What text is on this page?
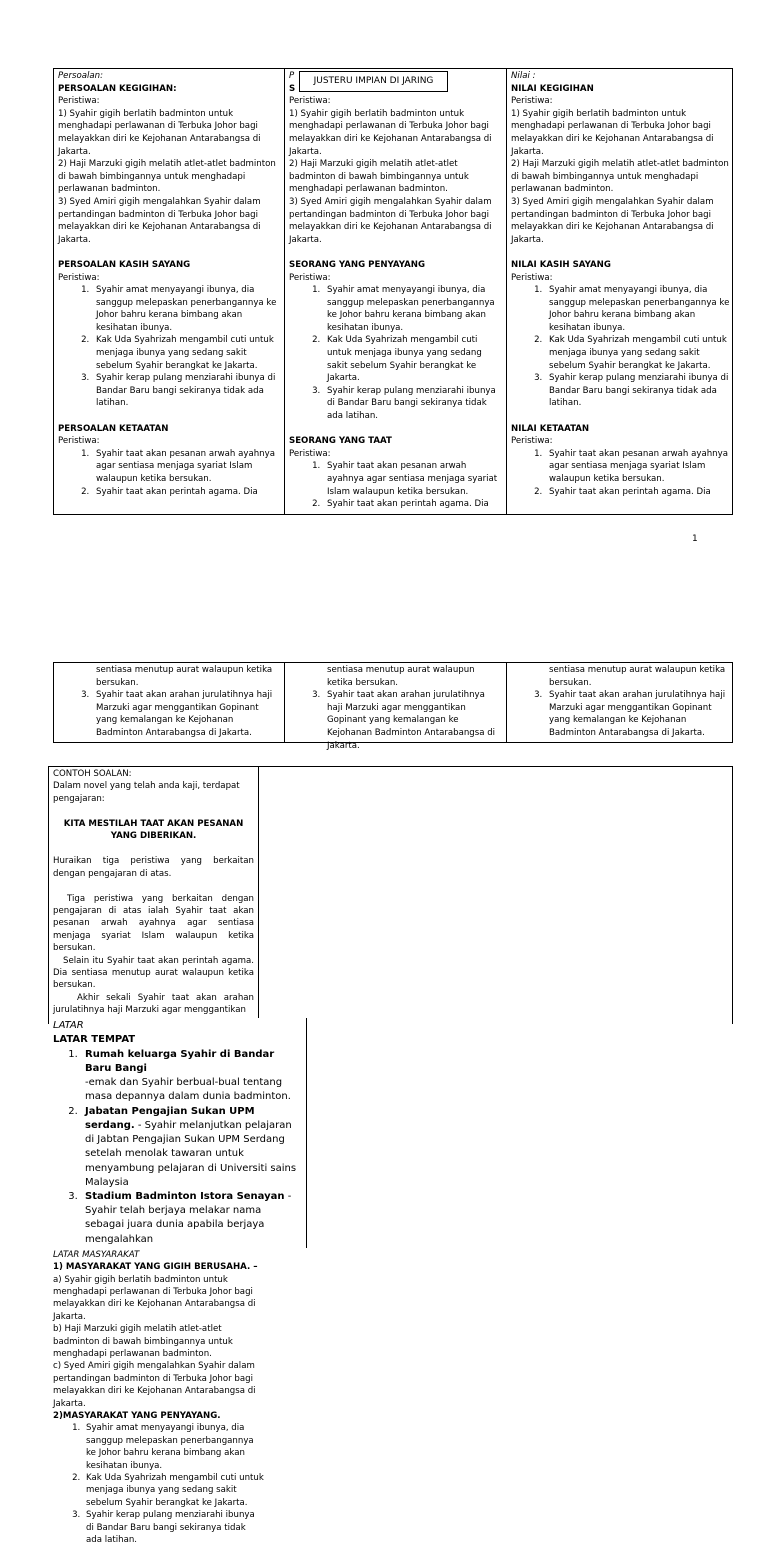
Persoalan:
PERSOALAN KEGIGIHAN:
Peristiwa:
1) Syahir gigih berlatih badminton untuk menghadapi perlawanan di Terbuka Johor bagi melayakkan diri ke Kejohanan Antarabangsa di Jakarta.
2) Haji Marzuki gigih melatih atlet-atlet badminton di bawah bimbingannya untuk menghadapi perlawanan badminton.
3) Syed Amiri gigih mengalahkan Syahir dalam pertandingan badminton di Terbuka Johor bagi melayakkan diri ke Kejohanan Antarabangsa di Jakarta.
PERSOALAN KASIH SAYANG
Peristiwa:
1. Syahir amat menyayangi ibunya, dia sanggup melepaskan penerbangannya ke Johor bahru kerana bimbang akan kesihatan ibunya.
2. Kak Uda Syahrizah mengambil cuti untuk menjaga ibunya yang sedang sakit sebelum Syahir berangkat ke Jakarta.
3. Syahir kerap pulang menziarahi ibunya di Bandar Baru bangi sekiranya tidak ada latihan.
PERSOALAN KETAATAN
Peristiwa:
1. Syahir taat akan pesanan arwah ayahnya agar sentiasa menjaga syariat Islam walaupun ketika bersukan.
2. Syahir taat akan perintah agama. Dia
P
S
Peristiwa:
1) Syahir gigih berlatih badminton untuk menghadapi perlawanan di Terbuka Johor bagi melayakkan diri ke Kejohanan Antarabangsa di Jakarta.
2) Haji Marzuki gigih melatih atlet-atlet badminton di bawah bimbingannya untuk menghadapi perlawanan badminton.
3) Syed Amiri gigih mengalahkan Syahir dalam pertandingan badminton di Terbuka Johor bagi melayakkan diri ke Kejohanan Antarabangsa di Jakarta.
SEORANG YANG PENYAYANG
Peristiwa:
1. Syahir amat menyayangi ibunya, dia sanggup melepaskan penerbangannya ke Johor bahru kerana bimbang akan kesihatan ibunya.
2. Kak Uda Syahrizah mengambil cuti untuk menjaga ibunya yang sedang sakit sebelum Syahir berangkat ke Jakarta.
3. Syahir kerap pulang menziarahi ibunya di Bandar Baru bangi sekiranya tidak ada latihan.
SEORANG YANG TAAT
Peristiwa:
1. Syahir taat akan pesanan arwah ayahnya agar sentiasa menjaga syariat Islam walaupun ketika bersukan.
2. Syahir taat akan perintah agama. Dia
Nilai :
NILAI KEGIGIHAN
Peristiwa:
1) Syahir gigih berlatih badminton untuk menghadapi perlawanan di Terbuka Johor bagi melayakkan diri ke Kejohanan Antarabangsa di Jakarta.
2) Haji Marzuki gigih melatih atlet-atlet badminton di bawah bimbingannya untuk menghadapi perlawanan badminton.
3) Syed Amiri gigih mengalahkan Syahir dalam pertandingan badminton di Terbuka Johor bagi melayakkan diri ke Kejohanan Antarabangsa di Jakarta.
NILAI KASIH SAYANG
Peristiwa:
1. Syahir amat menyayangi ibunya, dia sanggup melepaskan penerbangannya ke Johor bahru kerana bimbang akan kesihatan ibunya.
2. Kak Uda Syahrizah mengambil cuti untuk menjaga ibunya yang sedang sakit sebelum Syahir berangkat ke Jakarta.
3. Syahir kerap pulang menziarahi ibunya di Bandar Baru bangi sekiranya tidak ada latihan.
NILAI KETAATAN
Peristiwa:
1. Syahir taat akan pesanan arwah ayahnya agar sentiasa menjaga syariat Islam walaupun ketika bersukan.
2. Syahir taat akan perintah agama. Dia
JUSTERU IMPIAN DI JARING
1
sentiasa menutup aurat walaupun ketika bersukan.
3. Syahir taat akan arahan jurulatihnya haji Marzuki agar menggantikan Gopinant yang kemalangan ke Kejohanan Badminton Antarabangsa di Jakarta.
sentiasa menutup aurat walaupun ketika bersukan.
3. Syahir taat akan arahan jurulatihnya haji Marzuki agar menggantikan Gopinant yang kemalangan ke Kejohanan Badminton Antarabangsa di Jakarta.
sentiasa menutup aurat walaupun ketika bersukan.
3. Syahir taat akan arahan jurulatihnya haji Marzuki agar menggantikan Gopinant yang kemalangan ke Kejohanan Badminton Antarabangsa di Jakarta.
CONTOH SOALAN:
Dalam novel yang telah anda kaji, terdapat pengajaran:
KITA MESTILAH TAAT AKAN PESANAN YANG DIBERIKAN.
Huraikan tiga peristiwa yang berkaitan dengan pengajaran di atas.
Tiga peristiwa yang berkaitan dengan pengajaran di atas ialah Syahir taat akan pesanan arwah ayahnya agar sentiasa menjaga syariat Islam walaupun ketika bersukan.
Selain itu Syahir taat akan perintah agama. Dia sentiasa menutup aurat walaupun ketika bersukan.
Akhir sekali Syahir taat akan arahan jurulatihnya haji Marzuki agar menggantikan
LATAR
LATAR TEMPAT
1. Rumah keluarga Syahir di Bandar Baru Bangi
-emak dan Syahir berbual-bual tentang masa depannya dalam dunia badminton.
2. Jabatan Pengajian Sukan UPM serdang. - Syahir melanjutkan pelajaran di Jabtan Pengajian Sukan UPM Serdang setelah menolak tawaran untuk menyambung pelajaran di Universiti sains Malaysia
3. Stadium Badminton Istora Senayan - Syahir telah berjaya melakar nama sebagai juara dunia apabila berjaya mengalahkan
LATAR MASYARAKAT
1) MASYARAKAT YANG GIGIH BERUSAHA. –
a) Syahir gigih berlatih badminton untuk menghadapi perlawanan di Terbuka Johor bagi melayakkan diri ke Kejohanan Antarabangsa di Jakarta.
b) Haji Marzuki gigih melatih atlet-atlet badminton di bawah bimbingannya untuk menghadapi perlawanan badminton.
c) Syed Amiri gigih mengalahkan Syahir dalam pertandingan badminton di Terbuka Johor bagi melayakkan diri ke Kejohanan Antarabangsa di Jakarta.
2)MASYARAKAT YANG PENYAYANG.
1. Syahir amat menyayangi ibunya, dia sanggup melepaskan penerbangannya ke Johor bahru kerana bimbang akan kesihatan ibunya.
2. Kak Uda Syahrizah mengambil cuti untuk menjaga ibunya yang sedang sakit sebelum Syahir berangkat ke Jakarta.
3. Syahir kerap pulang menziarahi ibunya di Bandar Baru bangi sekiranya tidak ada latihan.
